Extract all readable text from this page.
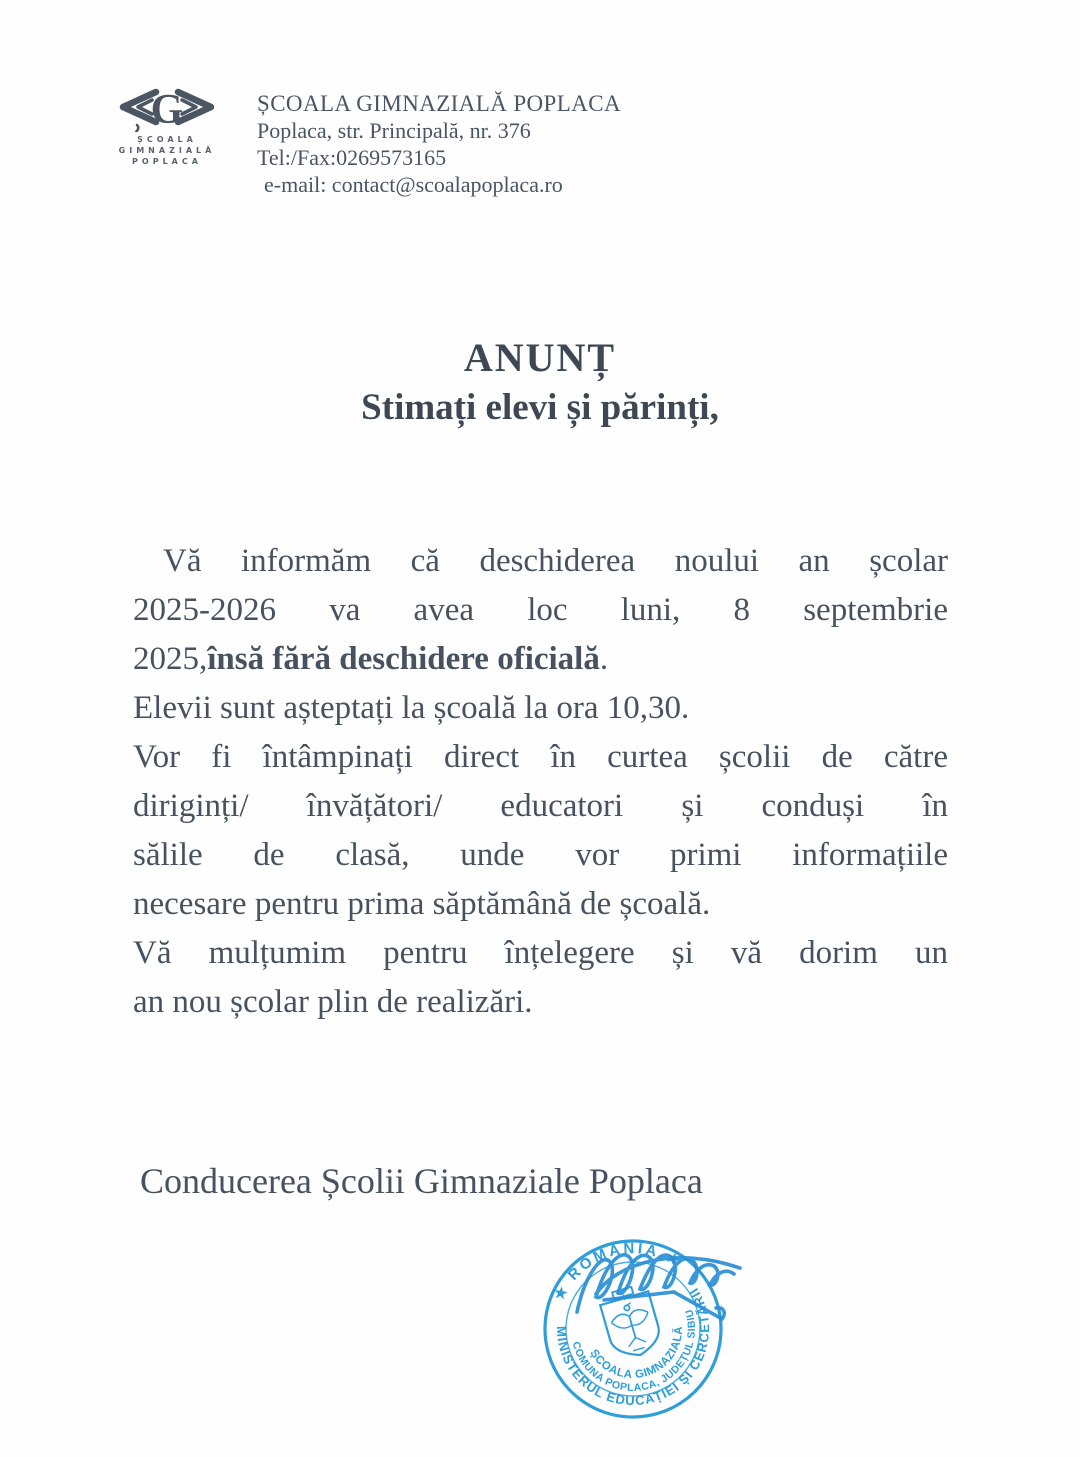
G
ȘCOALA
GIMNAZIALĂ
POPLACA
ȘCOALA GIMNAZIALĂ POPLACA
Poplaca, str. Principală, nr. 376
Tel:/Fax:0269573165
e-mail: contact@scoalapoplaca.ro
ANUNȚ
Stimați elevi și părinți,
Vă informăm că deschiderea noului an școlar
2025-2026 va avea loc luni, 8 septembrie
2025,însă fără deschidere oficială.
Elevii sunt așteptați la școală la ora 10,30.
Vor fi întâmpinați direct în curtea școlii de către
diriginți/ învățători/ educatori și conduși în
sălile de clasă, unde vor primi informațiile
necesare pentru prima săptămână de școală.
Vă mulțumim pentru înțelegere și vă dorim un
an nou școlar plin de realizări.
Conducerea Școlii Gimnaziale Poplaca
★ ROMÂNIA ★
MINISTERUL EDUCAȚIEI ȘI CERCETĂRII
COMUNA POPLACA, JUDEȚUL SIBIU
ȘCOALA GIMNAZIALĂ
